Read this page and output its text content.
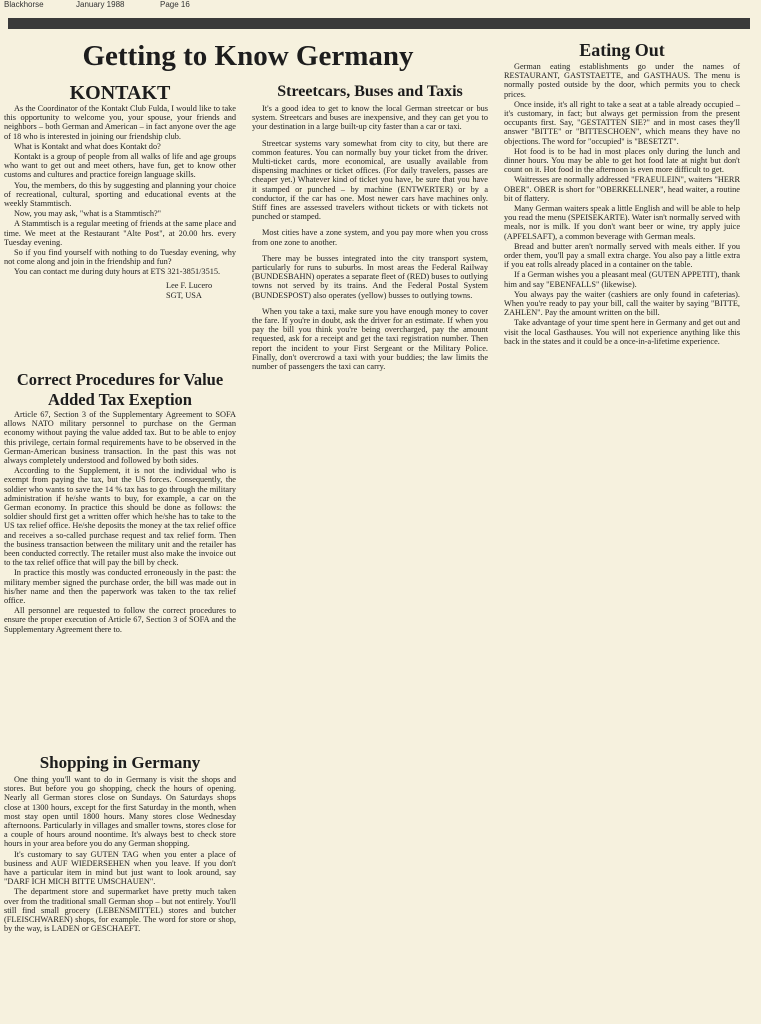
Blackhorse	January 1988	Page 16
Getting to Know Germany
KONTAKT

As the Coordinator of the Kontakt Club Fulda, I would like to take this opportunity to welcome you, your spouse, your friends and neighbors – both German and American – in fact anyone over the age of 18 who is interested in joining our friendship club.

What is Kontakt and what does Kontakt do?

Kontakt is a group of people from all walks of life and age groups who want to get out and meet others, have fun, get to know other customs and cultures and practice foreign language skills.

You, the members, do this by suggesting and planning your choice of recreational, cultural, sporting and educational events at the weekly Stammtisch.

Now, you may ask, "what is a Stammtisch?"

A Stammtisch is a regular meeting of friends at the same place and time. We meet at the Restaurant "Alte Post", at 20.00 hrs. every Tuesday evening.

So if you find yourself with nothing to do Tuesday evening, why not come along and join in the friendship and fun?

You can contact me during duty hours at ETS 321-3851/3515.

Lee F. Lucero

SGT, USA

Correct Procedures for Value Added Tax Exeption

Article 67, Section 3 of the Supplementary Agreement to SOFA allows NATO military personnel to purchase on the German economy without paying the value added tax. But to be able to enjoy this privilege, certain formal requirements have to be observed in the German-American business transaction. In the past this was not always completely understood and followed by both sides.

According to the Supplement, it is not the individual who is exempt from paying the tax, but the US forces. Consequently, the soldier who wants to save the 14 % tax has to go through the military administration if he/she wants to buy, for example, a car on the German economy. In practice this should be done as follows: the soldier should first get a written offer which he/she has to take to the US tax relief office. He/she deposits the money at the tax relief office and receives a so-called purchase request and tax relief form. Then the business transaction between the military unit and the retailer has been conducted correctly. The retailer must also make the invoice out to the tax relief office that will pay the bill by check.

In practice this mostly was conducted erroneously in the past: the military member signed the purchase order, the bill was made out in his/her name and then the paperwork was taken to the tax relief office.

All personnel are requested to follow the correct procedures to ensure the proper execution of Article 67, Section 3 of SOFA and the Supplementary Agreement there to.

Shopping in Germany

One thing you'll want to do in Germany is visit the shops and stores. But before you go shopping, check the hours of opening. Nearly all German stores close on Sundays. On Saturdays shops close at 1300 hours, except for the first Saturday in the month, when most stay open until 1800 hours. Many stores close Wednesday afternoons. Particularly in villages and smaller towns, stores close for a couple of hours around noontime. It's always best to check store hours in your area before you do any German shopping.

It's customary to say GUTEN TAG when you enter a place of business and AUF WIEDERSEHEN when you leave. If you don't have a particular item in mind but just want to look around, say "DARF ICH MICH BITTE UMSCHAUEN".

The department store and supermarket have pretty much taken over from the traditional small German shop – but not entirely. You'll still find small grocery (LEBENSMITTEL) stores and butcher (FLEISCHWAREN) shops, for example. The word for store or shop, by the way, is LADEN or GESCHAEFT.

Streetcars, Buses and Taxis

It's a good idea to get to know the local German streetcar or bus system. Streetcars and buses are inexpensive, and they can get you to your destination in a large built-up city faster than a car or taxi.

Streetcar systems vary somewhat from city to city, but there are common features. You can normally buy your ticket from the driver. Multi-ticket cards, more economical, are usually available from dispensing machines or ticket offices. (For daily travelers, passes are cheaper yet.) Whatever kind of ticket you have, be sure that you have it stamped or punched – by machine (ENTWERTER) or by a conductor, if the car has one. Most newer cars have machines only. Stiff fines are assessed travelers without tickets or with tickets not punched or stamped.

Most cities have a zone system, and you pay more when you cross from one zone to another.

There may be busses integrated into the city transport system, particularly for runs to suburbs. In most areas the Federal Railway (BUNDESBAHN) operates a separate fleet of (RED) buses to outlying towns not served by its trains. And the Federal Postal System (BUNDESPOST) also operates (yellow) busses to outlying towns.

When you take a taxi, make sure you have enough money to cover the fare. If you're in doubt, ask the driver for an estimate. If when you pay the bill you think you're being overcharged, pay the amount requested, ask for a receipt and get the taxi registration number. Then report the incident to your First Sergeant or the Military Police. Finally, don't overcrowd a taxi with your buddies; the law limits the number of passengers the taxi can carry.

Eating Out

German eating establishments go under the names of RESTAURANT, GASTSTAETTE, and GASTHAUS. The menu is normally posted outside by the door, which permits you to check prices.

Once inside, it's all right to take a seat at a table already occupied – it's customary, in fact; but always get permission from the present occupants first. Say, "GESTATTEN SIE?" and in most cases they'll answer "BITTE" or "BITTESCHOEN", which means they have no objections. The word for "occupied" is "BESETZT".

Hot food is to be had in most places only during the lunch and dinner hours. You may be able to get hot food late at night but don't count on it. Hot food in the afternoon is even more difficult to get.

Waitresses are normally addressed "FRAEULEIN", waiters "HERR OBER". OBER is short for "OBERKELLNER", head waiter, a routine bit of flattery.

Many German waiters speak a little English and will be able to help you read the menu (SPEISEKARTE). Water isn't normally served with meals, nor is milk. If you don't want beer or wine, try apply juice (APFELSAFT), a common beverage with German meals.

Bread and butter aren't normally served with meals either. If you order them, you'll pay a small extra charge. You also pay a little extra if you eat rolls already placed in a container on the table.

If a German wishes you a pleasant meal (GUTEN APPETIT), thank him and say "EBENFALLS" (likewise).

You always pay the waiter (cashiers are only found in cafeterias). When you're ready to pay your bill, call the waiter by saying "BITTE, ZAHLEN". Pay the amount written on the bill.

Take advantage of your time spent here in Germany and get out and visit the local Gasthauses. You will not experience anything like this back in the states and it could be a once-in-a-lifetime experience.
